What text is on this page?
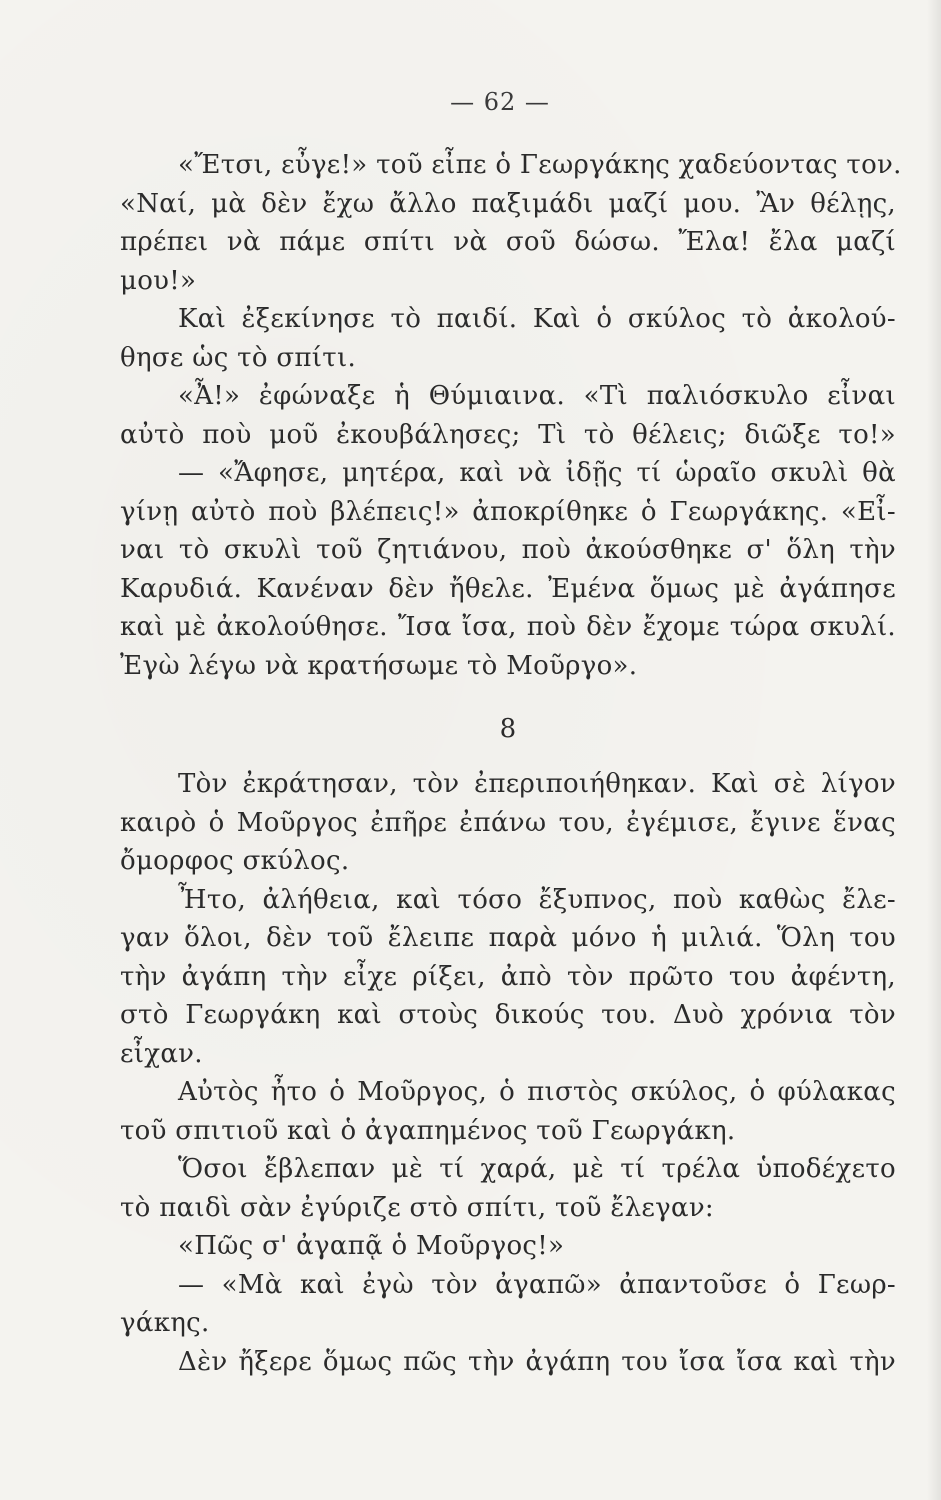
— 62 —
«Ἔτσι, εὖγε!» τοῦ εἶπε ὁ Γεωργάκης χαδεύοντας τον.
«Ναί, μὰ δὲν ἔχω ἄλλο παξιμάδι μαζί μου. Ἂν θέλῃς,
πρέπει νὰ πάμε σπίτι νὰ σοῦ δώσω. Ἔλα! ἔλα μαζί
μου!»
Καὶ ἐξεκίνησε τὸ παιδί. Καὶ ὁ σκύλος τὸ ἀκολού-
θησε ὡς τὸ σπίτι.
«Ἆ!» ἐφώναξε ἡ Θύμιαινα. «Τὶ παλιόσκυλο εἶναι
αὐτὸ ποὺ μοῦ ἐκουβάλησες; Τὶ τὸ θέλεις; διῶξε το!»
— «Ἄφησε, μητέρα, καὶ νὰ ἰδῇς τί ὡραῖο σκυλὶ θὰ
γίνῃ αὐτὸ ποὺ βλέπεις!» ἀποκρίθηκε ὁ Γεωργάκης. «Εἶ-
ναι τὸ σκυλὶ τοῦ ζητιάνου, ποὺ ἀκούσθηκε σ' ὅλη τὴν
Καρυδιά. Κανέναν δὲν ἤθελε. Ἐμένα ὅμως μὲ ἀγάπησε
καὶ μὲ ἀκολούθησε. Ἴσα ἴσα, ποὺ δὲν ἔχομε τώρα σκυλί.
Ἐγὼ λέγω νὰ κρατήσωμε τὸ Μοῦργο».
8
Τὸν ἐκράτησαν, τὸν ἐπεριποιήθηκαν. Καὶ σὲ λίγον
καιρὸ ὁ Μοῦργος ἐπῆρε ἐπάνω του, ἐγέμισε, ἔγινε ἕνας
ὄμορφος σκύλος.
Ἦτο, ἀλήθεια, καὶ τόσο ἔξυπνος, ποὺ καθὼς ἔλε-
γαν ὅλοι, δὲν τοῦ ἔλειπε παρὰ μόνο ἡ μιλιά. Ὅλη του
τὴν ἀγάπη τὴν εἶχε ρίξει, ἀπὸ τὸν πρῶτο του ἀφέντη,
στὸ Γεωργάκη καὶ στοὺς δικούς του. Δυὸ χρόνια τὸν
εἶχαν.
Αὐτὸς ἦτο ὁ Μοῦργος, ὁ πιστὸς σκύλος, ὁ φύλακας
τοῦ σπιτιοῦ καὶ ὁ ἀγαπημένος τοῦ Γεωργάκη.
Ὅσοι ἔβλεπαν μὲ τί χαρά, μὲ τί τρέλα ὑποδέχετο
τὸ παιδὶ σὰν ἐγύριζε στὸ σπίτι, τοῦ ἔλεγαν:
«Πῶς σ' ἀγαπᾷ ὁ Μοῦργος!»
— «Μὰ καὶ ἐγὼ τὸν ἀγαπῶ» ἀπαντοῦσε ὁ Γεωρ-
γάκης.
Δὲν ἤξερε ὅμως πῶς τὴν ἀγάπη του ἴσα ἴσα καὶ τὴν
